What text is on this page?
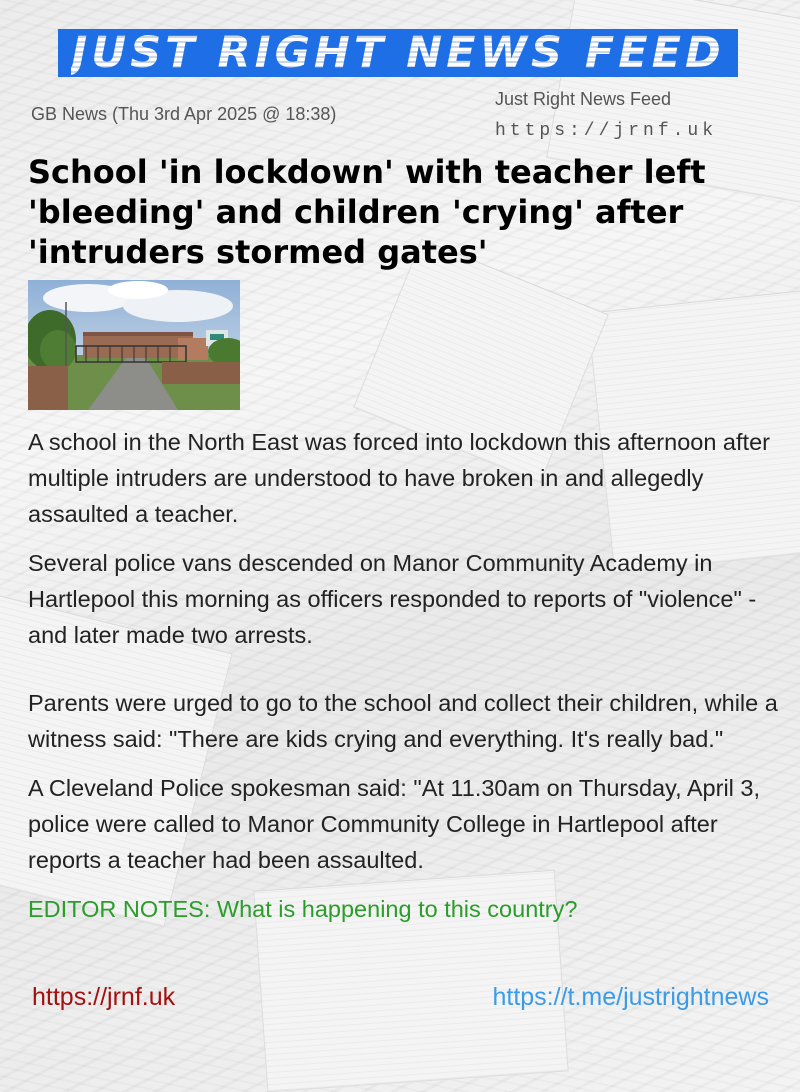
JUST RIGHT NEWS FEED
GB News (Thu 3rd Apr 2025 @ 18:38)
Just Right News Feed
https://jrnf.uk
School 'in lockdown' with teacher left 'bleeding' and children 'crying' after 'intruders stormed gates'

A school in the North East was forced into lockdown this afternoon after multiple intruders are understood to have broken in and allegedly assaulted a teacher.

Several police vans descended on Manor Community Academy in Hartlepool this morning as officers responded to reports of "violence" - and later made two arrests.

Parents were urged to go to the school and collect their children, while a witness said: "There are kids crying and everything. It's really bad."

A Cleveland Police spokesman said: "At 11.30am on Thursday, April 3, police were called to Manor Community College in Hartlepool after reports a teacher had been assaulted.

EDITOR NOTES: What is happening to this country?

https://jrnf.uk	https://t.me/justrightnews
